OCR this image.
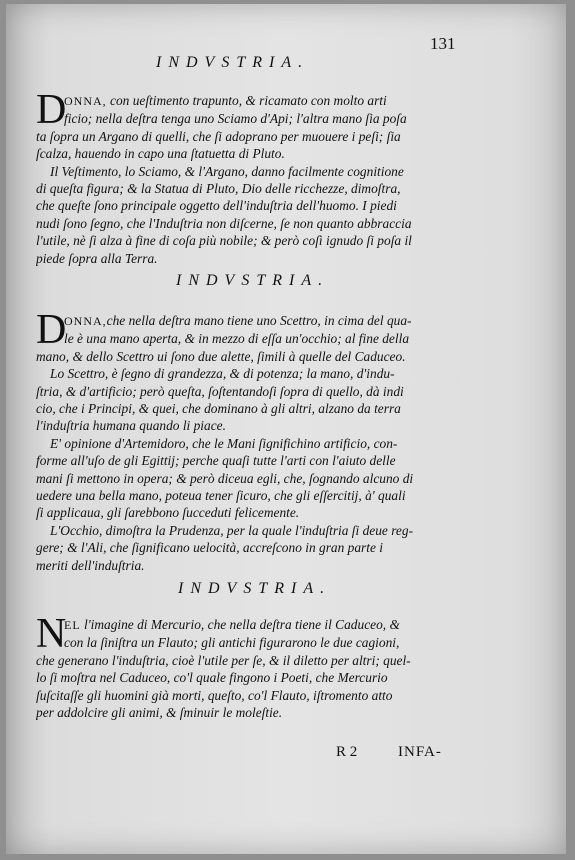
131
INDVSTRIA.
D
ONNA, con ueſtimento trapunto, & ricamato con molto arti
ficio; nella deſtra tenga uno Sciamo d'Api; l'altra mano ſia poſa
ta ſopra un Argano di quelli, che ſi adoprano per muouere i peſi; ſia
ſcalza, hauendo in capo una ſtatuetta di Pluto.
Il Veſtimento, lo Sciamo, & l'Argano, danno facilmente cognitione
di queſta figura; & la Statua di Pluto, Dio delle ricchezze, dimoſtra,
che queſte ſono principale oggetto dell'induſtria dell'huomo. I piedi
nudi ſono ſegno, che l'Induſtria non diſcerne, ſe non quanto abbraccia
l'utile, nè ſi alza à fine di coſa più nobile; & però coſì ignudo ſi poſa il
piede ſopra alla Terra.
INDVSTRIA.
D
ONNA,che nella deſtra mano tiene uno Scettro, in cima del qua-
le è una mano aperta, & in mezzo di eſſa un'occhio; al fine della
mano, & dello Scettro ui ſono due alette, ſimili à quelle del Caduceo.
Lo Scettro, è ſegno di grandezza, & di potenza; la mano, d'indu-
ſtria, & d'artificio; però queſta, ſoſtentandoſi ſopra di quello, dà indi
cio, che i Principi, & quei, che dominano à gli altri, alzano da terra
l'induſtria humana quando li piace.
E' opinione d'Artemidoro, che le Mani ſignifichino artificio, con-
forme all'uſo de gli Egittij; perche quaſi tutte l'arti con l'aiuto delle
mani ſi mettono in opera; & però diceua egli, che, ſognando alcuno di
uedere una bella mano, poteua tener ſicuro, che gli eſſercitij, à' quali
ſi applicaua, gli ſarebbono ſucceduti felicemente.
L'Occhio, dimoſtra la Prudenza, per la quale l'induſtria ſi deue reg-
gere; & l'Ali, che ſignificano uelocità, accreſcono in gran parte i
meriti dell'induſtria.
INDVSTRIA.
N
EL l'imagine di Mercurio, che nella deſtra tiene il Caduceo, &
con la ſiniſtra un Flauto; gli antichi figurarono le due cagioni,
che generano l'induſtria, cioè l'utile per ſe, & il diletto per altri; quel-
lo ſi moſtra nel Caduceo, co'l quale fingono i Poeti, che Mercurio
ſuſcitaſſe gli huomini già morti, queſto, co'l Flauto, iſtromento atto
per addolcire gli animi, & ſminuir le moleſtie.
R 2	INFA-
